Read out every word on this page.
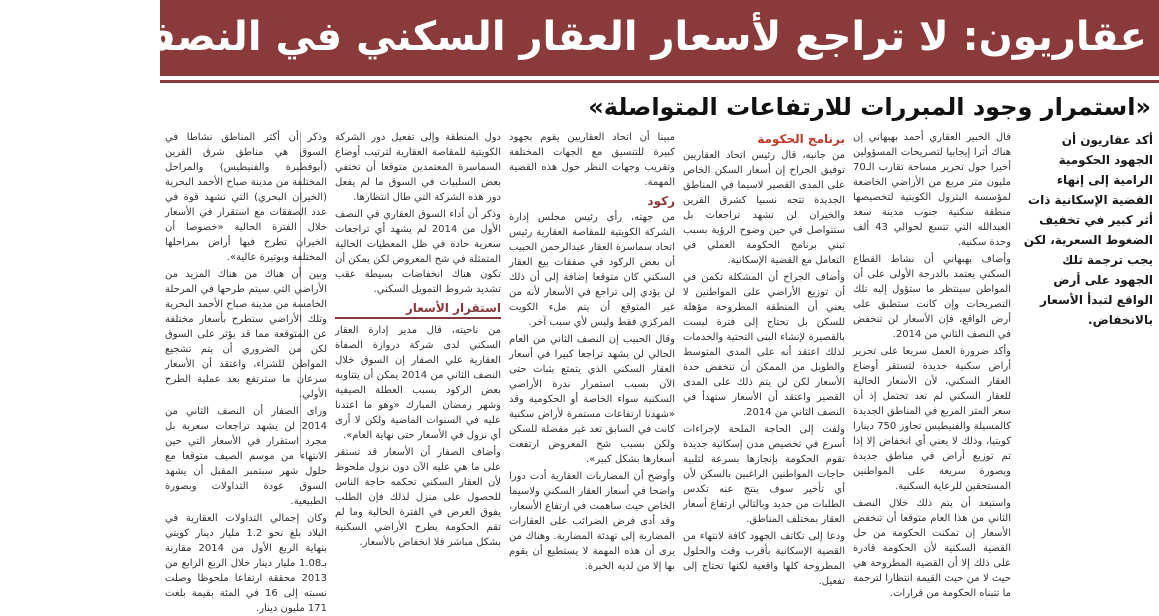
عقاريون: لا تراجع لأسعار العقار السكني في النصف الثاني
«استمرار وجود المبررات للارتفاعات المتواصلة»
أكد عقاريون أن الجهود الحكومية الرامية إلى إنهاء القضية الإسكانية ذات أثر كبير في تخفيف الضغوط السعرية، لكن يجب ترجمة تلك الجهود على أرض الواقع لتبدأ الأسعار بالانخفاض.

قال الخبير العقاري أحمد بهبهاني إن هناك أثرا إيجابيا لتصريحات المسؤولين أخيرا حول تحرير مساحة تقارب الـ70 مليون متر مربع من الأراضي الخاضعة لمؤسسة البترول الكويتية لتخصيصها منطقة سكنية جنوب مدينة سعد العبدالله التي تتسع لحوالي 43 ألف وحدة سكنية.

وأضاف بهبهاني أن نشاط القطاع السكني يعتمد بالدرجة الأولى على أن المواطن سينتظر ما ستؤول إليه تلك التصريحات وإن كانت ستطبق على أرض الواقع، فإن الأسعار لن تنخفض في النصف الثاني من 2014.

وأكد ضرورة العمل سريعا على تحرير أراض سكنية جديدة لتستقر أوضاع العقار السكني، لأن الأسعار الحالية للعقار السكني لم تعد تحتمل إذ أن سعر المتر المربع في المناطق الجديدة كالمسيلة والفنيطيس تجاوز 750 دينارا كويتيا، وذلك لا يعني أي انخفاض إلا إذا تم توزيع أراض في مناطق جديدة وبصورة سريعة على المواطنين المستحقين للرعاية السكنية.

واستبعد أن يتم ذلك خلال النصف الثاني من هذا العام متوقعا أن تنخفض الأسعار إن تمكنت الحكومة من حل القضية السكنية لأن الحكومة قادرة على ذلك إلا أن القضية المطروحة هي حيث لا من حيث القيمة انتظارا لترجمة ما تتبناه الحكومة من قرارات.

برنامج الحكومة

من جانبه، قال رئيس اتحاد العقاريين توفيق الجراح إن أسعار السكن الخاص على المدى القصير لاسيما في المناطق الجديدة تتجه نسبيا كشرق القرين والخيران لن تشهد تراجعات بل ستتواصل في حين وضوح الرؤية بسبب تبني برنامج الحكومة العملي في التعامل مع القضية الإسكانية.

وأضاف الجراح أن المشكلة تكمن في أن توزيع الأراضي على المواطنين لا يعني أن المنطقة المطروحة مؤهلة للسكن بل تحتاج إلى فترة ليست بالقصيرة لإنشاء البنى التحتية والخدمات لذلك اعتقد أنه على المدى المتوسط والطويل من الممكن أن تنخفض حدة الأسعار لكن لن يتم ذلك على المدى القصير واعتقد أن الأسعار ستهدأ في النصف الثاني من 2014.

ولفت إلى الحاجة الملحة لإجراءات أسرع في تخصيص مدن إسكانية جديدة تقوم الحكومة بإنجازها بسرعة لتلبية حاجات المواطنين الراغبين بالسكن لأن أي تأخير سوف ينتج عنه تكدس الطلبات من جديد وبالتالي ارتفاع أسعار العقار بمختلف المناطق.

ودعا إلى تكاتف الجهود كافة لانتهاء من القضية الإسكانية بأقرب وقت والحلول المطروحة كلها واقعية لكنها تحتاج إلى تفعيل.

مبينا أن اتحاد العقاريين يقوم بجهود كبيرة للتنسيق مع الجهات المختلفة وتقريب وجهات النظر حول هذه القضية المهمة.

ركود

من جهته، رأى رئيس مجلس إدارة الشركة الكويتية للمقاصة العقارية رئيس اتحاد سماسرة العقار عبدالرحمن الحبيب أن بعض الركود في صفقات بيع العقار السكني كان متوقعا إضافة إلى أن ذلك لن يؤدي إلى تراجع في الأسعار لأنه من غير المتوقع أن يتم ملء الكويت المركزي فقط وليس لأي سبب آخر.

وقال الحبيب إن النصف الثاني من العام الحالي لن يشهد تراجعا كبيرا في أسعار العقار السكني الذي يتمتع بثبات حتى الآن بسبب استمرار ندرة الأراضي السكنية سواء الخاصة أو الحكومية وقد «شهدنا ارتفاعات مستمرة لأراض سكنية كانت في السابق تعد غير مفضلة للسكن ولكن بسبب شح المعروض ارتفعت أسعارها بشكل كبير».

وأوضح أن المضاربات العقارية أدت دورا واضحا في أسعار العقار السكني ولاسيما الخاص حيث ساهمت في ارتفاع الأسعار، وقد أدى فرض الضرائب على العقارات المضاربة إلى تهدئة المضاربة. وهناك من يرى أن هذه المهمة لا يستطيع أن يقوم بها إلا من لديه الخبرة.

دول المنطقة وإلى تفعيل دور الشركة الكويتية للمقاصة العقارية لترتيب أوضاع السماسرة المعتمدين متوقعا أن تختفي بعض السلبيات في السوق ما لم يفعل دور هذه الشركة التي طال انتظارها.

وذكر أن أداء السوق العقاري في النصف الأول من 2014 لم يشهد أي تراجعات سعرية حادة في ظل المعطيات الحالية المتمثلة في شح المعروض لكن يمكن أن تكون هناك انخفاضات بسيطة عقب تشديد شروط التمويل السكني.

استقرار الأسعار

من ناحيته، قال مدير إدارة العقار السكني لدى شركة دروازة الصفاة العقارية علي الصفار إن السوق خلال النصف الثاني من 2014 يمكن أن يتناوبه بعض الركود بسبب العطلة الصيفية وشهر رمضان المبارك «وهو ما اعتدنا عليه في السنوات الماضية ولكن لا أرى أي نزول في الأسعار حتى نهاية العام».

وأضاف الصفار أن الأسعار قد تستقر على ما هي عليه الآن دون نزول ملحوظ لأن العقار السكني تحكمه حاجة الناس للحصول على منزل لذلك فإن الطلب يفوق العرض في الفترة الحالية وما لم تقم الحكومة بطرح الأراضي السكنية بشكل مباشر فلا انخفاض بالأسعار.

وذكر أن أكثر المناطق نشاطا في السوق هي مناطق شرق القرين (أبوفطيرة والفنيطيس) والمراحل المختلفة من مدينة صباح الأحمد البحرية (الخيران البحري) التي تشهد قوة في عدد الصفقات مع استقرار في الأسعار خلال الفترة الحالية «خصوصا أن الخيران تطرح فيها أراض بمراحلها المختلفة وبوتيرة عالية».

وبين أن هناك من هناك المزيد من الأراضي التي سيتم طرحها في المرحلة الخامسة من مدينة صباح الأحمد البحرية وتلك الأراضي ستطرح بأسعار مختلفة عن المتوقعة مما قد يؤثر على السوق لكن من الضروري أن يتم تشجيع المواطن للشراء، واعتقد أن الأسعار سرعان ما سترتفع بعد عملية الطرح الأولي.

وراى الصفار أن النصف الثاني من 2014 لن يشهد تراجعات سعرية بل مجرد استقرار في الأسعار التي حين الانتهاء من موسم الصيف متوقعا مع حلول شهر سبتمبر المقبل أن يشهد السوق عودة التداولات وبصورة الطبيعية.

وكان إجمالي التداولات العقارية في البلاد بلغ نحو 1.2 مليار دينار كويتي بنهاية الربع الأول من 2014 مقارنة بـ1.08 مليار دينار خلال الربع الرابع من 2013 محققة ارتفاعا ملحوظا وصلت نسبته إلى 16 في المئة بقيمة بلغت 171 مليون دينار.
